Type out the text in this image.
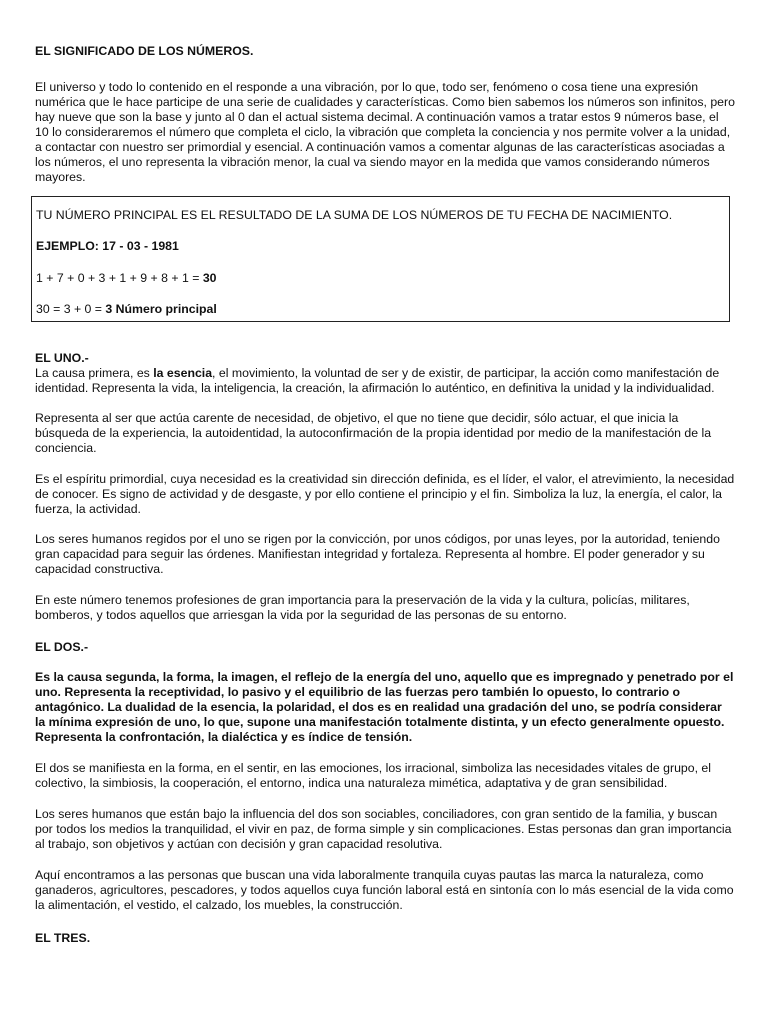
EL SIGNIFICADO DE LOS NÚMEROS.

El universo y todo lo contenido en el responde a una vibración, por lo que, todo ser, fenómeno o cosa tiene una expresión numérica que le hace participe de una serie de cualidades y características. Como bien sabemos los números son infinitos, pero hay nueve que son la base y junto al 0 dan el actual sistema decimal. A continuación vamos a tratar estos 9 números base, el 10 lo consideraremos el número que completa el ciclo, la vibración que completa la conciencia y nos permite volver a la unidad, a contactar con nuestro ser primordial y esencial. A continuación vamos a comentar algunas de las características asociadas a los números, el uno representa la vibración menor, la cual va siendo mayor en la medida que vamos considerando números mayores.

TU NÚMERO PRINCIPAL ES EL RESULTADO DE LA SUMA DE LOS NÚMEROS DE TU FECHA DE NACIMIENTO.

EJEMPLO: 17 - 03 - 1981

1 + 7 + 0 + 3 + 1 + 9 + 8 + 1 = 30

30 = 3 + 0 = 3 Número principal

EL UNO.-

La causa primera, es la esencia, el movimiento, la voluntad de ser y de existir, de participar, la acción como manifestación de identidad. Representa la vida, la inteligencia, la creación, la afirmación lo auténtico, en definitiva la unidad y la individualidad.

Representa al ser que actúa carente de necesidad, de objetivo, el que no tiene que decidir, sólo actuar, el que inicia la búsqueda de la experiencia, la autoidentidad, la autoconfirmación de la propia identidad por medio de la manifestación de la conciencia.

Es el espíritu primordial, cuya necesidad es la creatividad sin dirección definida, es el líder, el valor, el atrevimiento, la necesidad de conocer. Es signo de actividad y de desgaste, y por ello contiene el principio y el fin. Simboliza la luz, la energía, el calor, la fuerza, la actividad.

Los seres humanos regidos por el uno se rigen por la convicción, por unos códigos, por unas leyes, por la autoridad, teniendo gran capacidad para seguir las órdenes. Manifiestan integridad y fortaleza. Representa al hombre. El poder generador y su capacidad constructiva.

En este número tenemos profesiones de gran importancia para la preservación de la vida y la cultura, policías, militares, bomberos, y todos aquellos que arriesgan la vida por la seguridad de las personas de su entorno.

EL DOS.-

Es la causa segunda, la forma, la imagen, el reflejo de la energía del uno, aquello que es impregnado y penetrado por el uno. Representa la receptividad, lo pasivo y el equilibrio de las fuerzas pero también lo opuesto, lo contrario o antagónico. La dualidad de la esencia, la polaridad, el dos es en realidad una gradación del uno, se podría considerar la mínima expresión de uno, lo que, supone una manifestación totalmente distinta, y un efecto generalmente opuesto. Representa la confrontación, la dialéctica y es índice de tensión.

El dos se manifiesta en la forma, en el sentir, en las emociones, los irracional, simboliza las necesidades vitales de grupo, el colectivo, la simbiosis, la cooperación, el entorno, indica una naturaleza mimética, adaptativa y de gran sensibilidad.

Los seres humanos que están bajo la influencia del dos son sociables, conciliadores, con gran sentido de la familia, y buscan por todos los medios la tranquilidad, el vivir en paz, de forma simple y sin complicaciones. Estas personas dan gran importancia al trabajo, son objetivos y actúan con decisión y gran capacidad resolutiva.

Aquí encontramos a las personas que buscan una vida laboralmente tranquila cuyas pautas las marca la naturaleza, como ganaderos, agricultores, pescadores, y todos aquellos cuya función laboral está en sintonía con lo más esencial de la vida como la alimentación, el vestido, el calzado, los muebles, la construcción.

EL TRES.
